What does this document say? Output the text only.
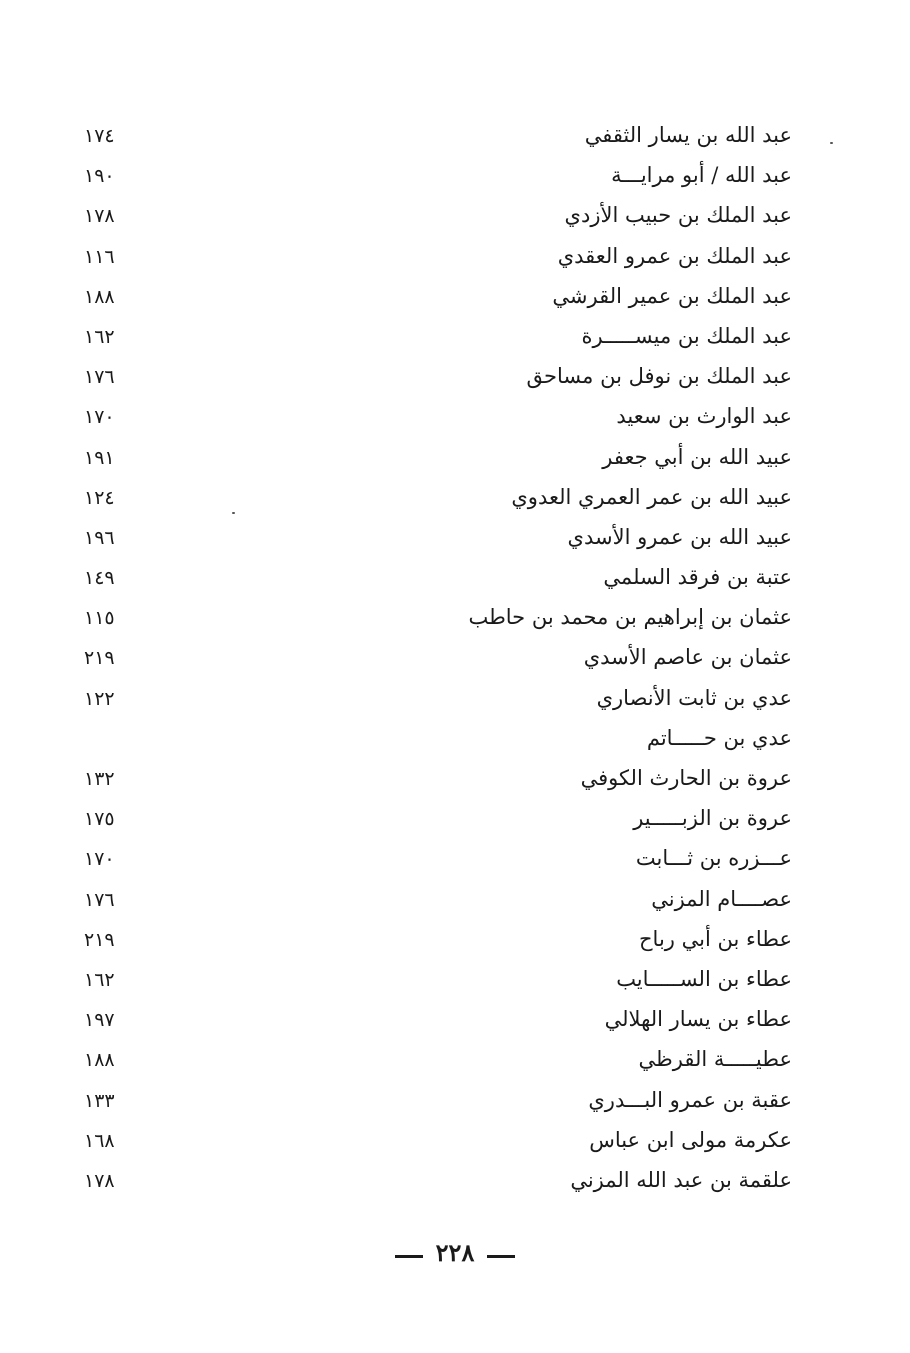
عبد الله بن يسار الثقفي
١٧٤
عبد الله / أبو مرايـــة
١٩٠
عبد الملك بن حبيب الأزدي
١٧٨
عبد الملك بن عمرو العقدي
١١٦
عبد الملك بن عمير القرشي
١٨٨
عبد الملك بن ميســـــرة
١٦٢
عبد الملك بن نوفل بن مساحق
١٧٦
عبد الوارث بن سعيد
١٧٠
عبيد الله بن أبي جعفر
١٩١
عبيد الله بن عمر العمري العدوي
١٢٤
عبيد الله بن عمرو الأسدي
١٩٦
عتبة بن فرقد السلمي
١٤٩
عثمان بن إبراهيم بن محمد بن حاطب
١١٥
عثمان بن عاصم الأسدي
٢١٩
عدي بن ثابت الأنصاري
١٢٢
عدي بن حـــــاتم
عروة بن الحارث الكوفي
١٣٢
عروة بن الزبـــــير
١٧٥
عـــزره بن ثـــابت
١٧٠
عصــــام المزني
١٧٦
عطاء بن أبي رباح
٢١٩
عطاء بن الســـــايب
١٦٢
عطاء بن يسار الهلالي
١٩٧
عطيـــــة القرظي
١٨٨
عقبة بن عمرو البـــدري
١٣٣
عكرمة مولى ابن عباس
١٦٨
علقمة بن عبد الله المزني
١٧٨
٢٢٨
